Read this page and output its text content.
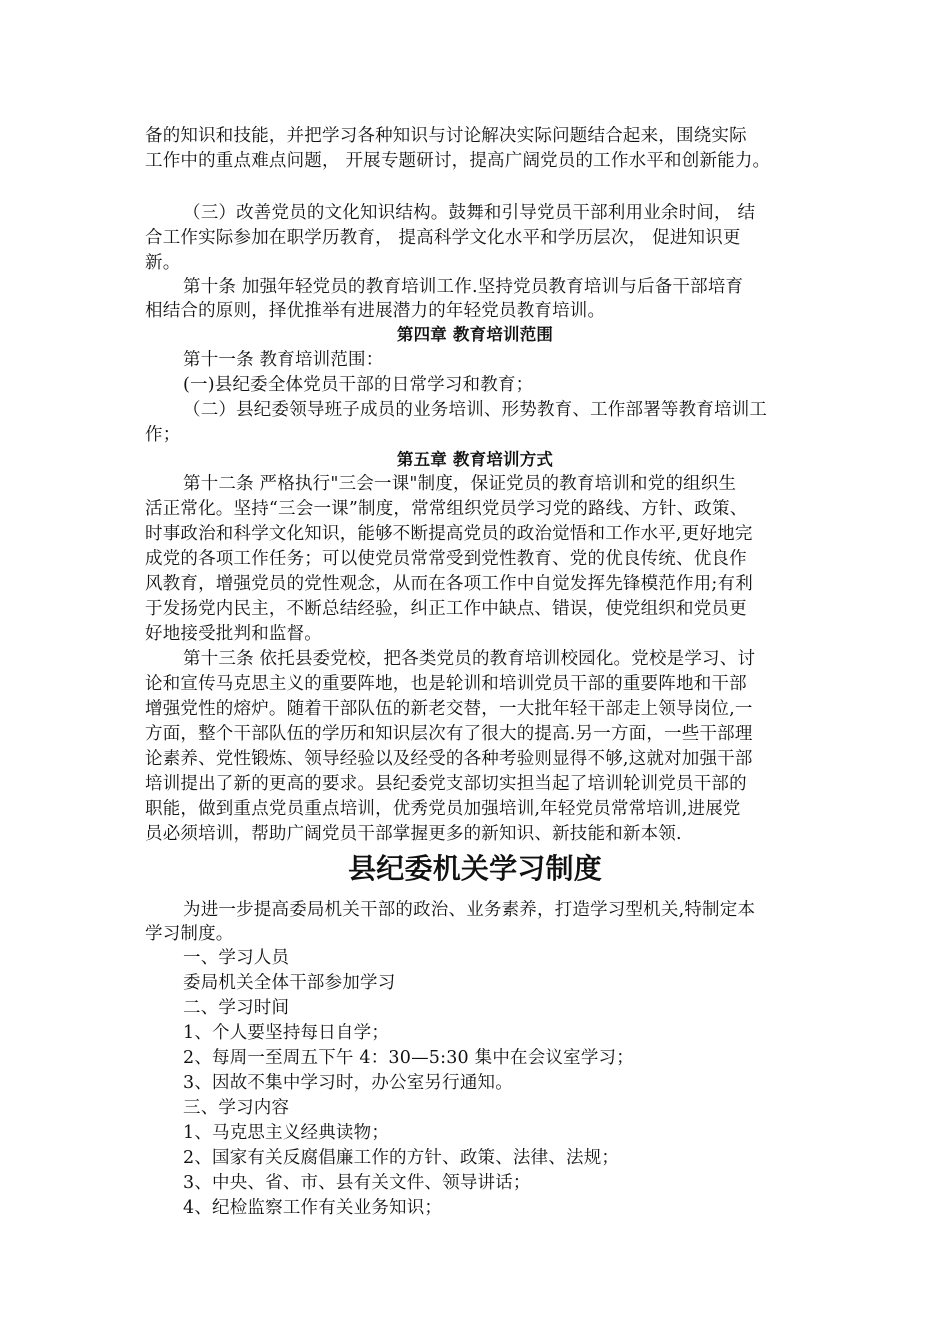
备的知识和技能，并把学习各种知识与讨论解决实际问题结合起来，围绕实际
工作中的重点难点问题， 开展专题研讨，提高广阔党员的工作水平和创新能力。
（三）改善党员的文化知识结构。鼓舞和引导党员干部利用业余时间， 结
合工作实际参加在职学历教育， 提高科学文化水平和学历层次， 促进知识更
新。
第十条 加强年轻党员的教育培训工作.坚持党员教育培训与后备干部培育
相结合的原则，择优推举有进展潜力的年轻党员教育培训。
第四章 教育培训范围
第十一条 教育培训范围：
(一)县纪委全体党员干部的日常学习和教育；
（二）县纪委领导班子成员的业务培训、形势教育、工作部署等教育培训工
作；
第五章 教育培训方式
第十二条 严格执行"三会一课"制度，保证党员的教育培训和党的组织生
活正常化。坚持“三会一课”制度，常常组织党员学习党的路线、方针、政策、
时事政治和科学文化知识，能够不断提高党员的政治觉悟和工作水平,更好地完
成党的各项工作任务；可以使党员常常受到党性教育、党的优良传统、优良作
风教育，增强党员的党性观念，从而在各项工作中自觉发挥先锋模范作用;有利
于发扬党内民主，不断总结经验，纠正工作中缺点、错误，使党组织和党员更
好地接受批判和监督。
第十三条 依托县委党校，把各类党员的教育培训校园化。党校是学习、讨
论和宣传马克思主义的重要阵地，也是轮训和培训党员干部的重要阵地和干部
增强党性的熔炉。随着干部队伍的新老交替，一大批年轻干部走上领导岗位,一
方面，整个干部队伍的学历和知识层次有了很大的提高.另一方面，一些干部理
论素养、党性锻炼、领导经验以及经受的各种考验则显得不够,这就对加强干部
培训提出了新的更高的要求。县纪委党支部切实担当起了培训轮训党员干部的
职能，做到重点党员重点培训，优秀党员加强培训,年轻党员常常培训,进展党
员必须培训，帮助广阔党员干部掌握更多的新知识、新技能和新本领.
县纪委机关学习制度
为进一步提高委局机关干部的政治、业务素养，打造学习型机关,特制定本
学习制度。
一、学习人员
委局机关全体干部参加学习
二、学习时间
1、个人要坚持每日自学；
2、每周一至周五下午 4：30—5:30 集中在会议室学习；
3、因故不集中学习时，办公室另行通知。
三、学习内容
1、马克思主义经典读物；
2、国家有关反腐倡廉工作的方针、政策、法律、法规；
3、中央、省、市、县有关文件、领导讲话；
4、纪检监察工作有关业务知识；
